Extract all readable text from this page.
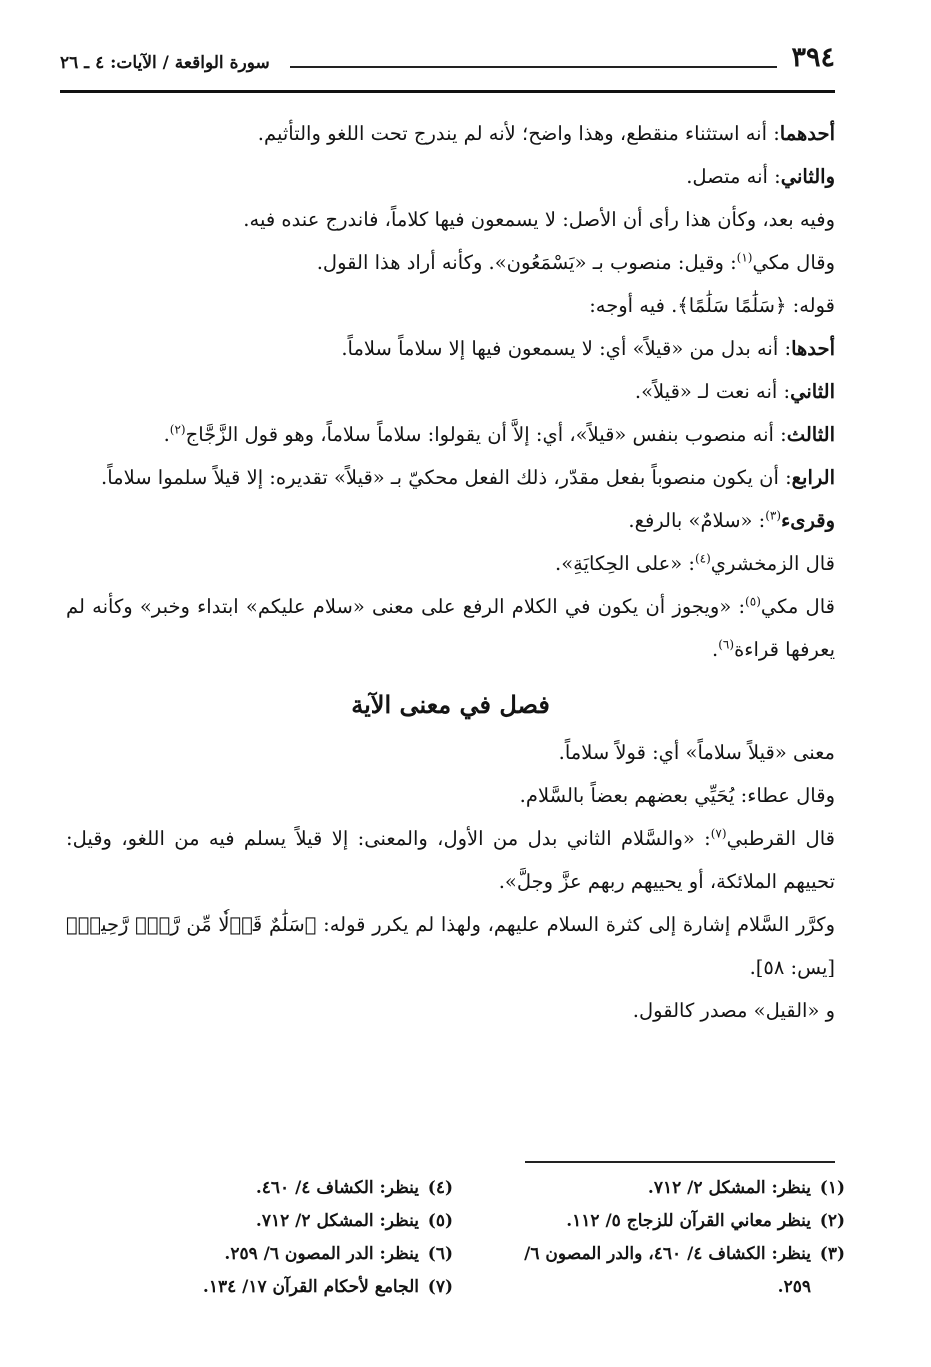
٣٩٤
سورة الواقعة / الآيات: ٤ ـ ٢٦

أحدهما: أنه استثناء منقطع، وهذا واضح؛ لأنه لم يندرج تحت اللغو والتأثيم.

والثاني: أنه متصل.

وفيه بعد، وكأن هذا رأى أن الأصل: لا يسمعون فيها كلاماً، فاندرج عنده فيه.

وقال مكي$^{(١)}$: وقيل: منصوب بـ «يَسْمَعُون». وكأنه أراد هذا القول.

قوله: ﴿سَلَٰمًا سَلَٰمًا﴾. فيه أوجه:

أحدها: أنه بدل من «قيلاً» أي: لا يسمعون فيها إلا سلاماً سلاماً.

الثاني: أنه نعت لـ «قيلاً».

الثالث: أنه منصوب بنفس «قيلاً»، أي: إلاَّ أن يقولوا: سلاماً سلاماً، وهو قول الزَّجَّاج$^{(٢)}$.

الرابع: أن يكون منصوباً بفعل مقدّر، ذلك الفعل محكيّ بـ «قيلاً» تقديره: إلا قيلاً سلموا سلاماً.

وقرىء$^{(٣)}$: «سلامٌ» بالرفع.

قال الزمخشري$^{(٤)}$: «على الحِكايَةِ».

قال مكي$^{(٥)}$: «ويجوز أن يكون في الكلام الرفع على معنى «سلام عليكم» ابتداء وخبر» وكأنه لم يعرفها قراءة$^{(٦)}$.

فصل في معنى الآية

معنى «قيلاً سلاماً» أي: قولاً سلاماً.

وقال عطاء: يُحَيِّي بعضهم بعضاً بالسَّلام.

قال القرطبي$^{(٧)}$: «والسَّلام الثاني بدل من الأول، والمعنى: إلا قيلاً يسلم فيه من اللغو، وقيل: تحييهم الملائكة، أو يحييهم ربهم عزَّ وجلَّ».

وكرَّر السَّلام إشارة إلى كثرة السلام عليهم، ولهذا لم يكرر قوله: ﴿سَلَٰمٌ قَوۡلٗا مِّن رَّبّٖ رَّحِيمٖ﴾ [يس: ٥٨].

و «القيل» مصدر كالقول.

(١)ينظر: المشكل ٢/ ٧١٢.

(٢)ينظر معاني القرآن للزجاج ٥/ ١١٢.

(٣)ينظر: الكشاف ٤/ ٤٦٠، والدر المصون ٦/

٢٥٩.

(٤)ينظر: الكشاف ٤/ ٤٦٠.

(٥)ينظر: المشكل ٢/ ٧١٢.

(٦)ينظر: الدر المصون ٦/ ٢٥٩.

(٧)الجامع لأحكام القرآن ١٧/ ١٣٤.
